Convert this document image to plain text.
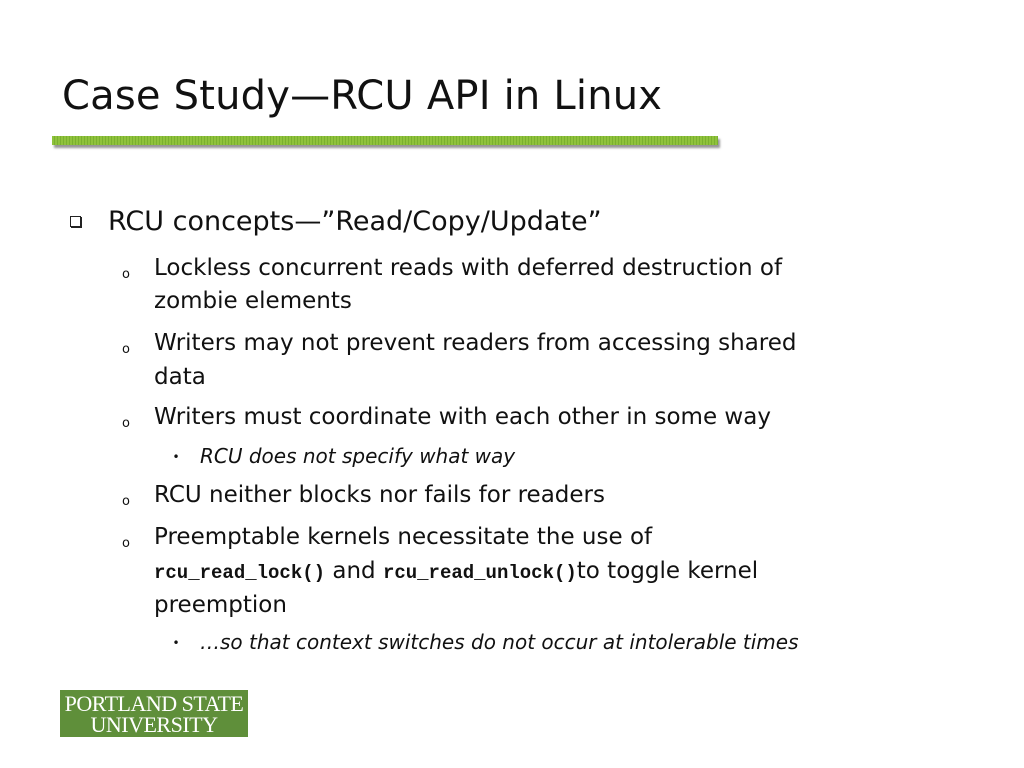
Case Study—RCU API in Linux
RCU concepts—”Read/Copy/Update”
o Lockless concurrent reads with deferred destruction of
zombie elements
o Writers may not prevent readers from accessing shared
data
o Writers must coordinate with each other in some way
• RCU does not specify what way
o RCU neither blocks nor fails for readers
o Preemptable kernels necessitate the use of
rcu_read_lock() and rcu_read_unlock()to toggle kernel
preemption
• …so that context switches do not occur at intolerable times
PORTLAND STATE
UNIVERSITY
